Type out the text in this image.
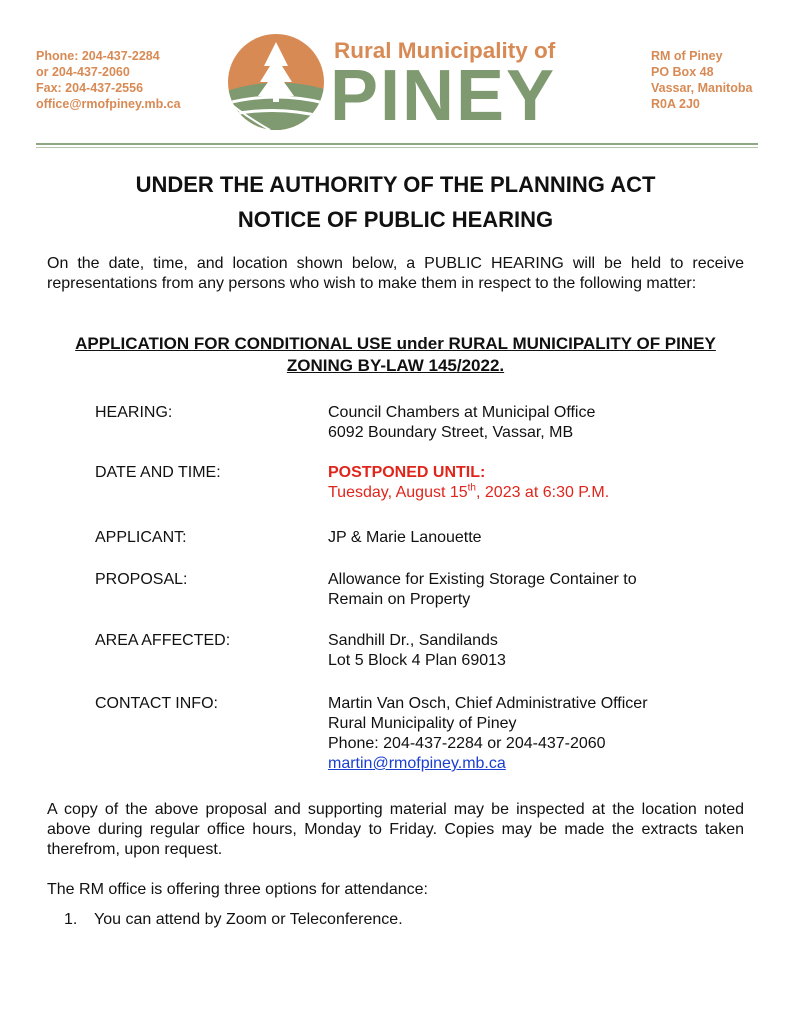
Phone: 204-437-2284
or 204-437-2060
Fax: 204-437-2556
office@rmofpiney.mb.ca
Rural Municipality of
PINEY	RM of Piney
PO Box 48
Vassar, Manitoba
R0A 2J0
UNDER THE AUTHORITY OF THE PLANNING ACT
NOTICE OF PUBLIC HEARING
On the date, time, and location shown below, a PUBLIC HEARING will be held to receive representations from any persons who wish to make them in respect to the following matter:
APPLICATION FOR CONDITIONAL USE under RURAL MUNICIPALITY OF PINEY ZONING BY-LAW 145/2022.
HEARING:	Council Chambers at Municipal Office
6092 Boundary Street, Vassar, MB
DATE AND TIME:	POSTPONED UNTIL:
Tuesday, August 15th, 2023 at 6:30 P.M.
APPLICANT:	JP & Marie Lanouette
PROPOSAL:	Allowance for Existing Storage Container to
Remain on Property
AREA AFFECTED:	Sandhill Dr., Sandilands
Lot 5 Block 4 Plan 69013
CONTACT INFO:	Martin Van Osch, Chief Administrative Officer
Rural Municipality of Piney
Phone: 204-437-2284 or 204-437-2060
martin@rmofpiney.mb.ca
A copy of the above proposal and supporting material may be inspected at the location noted above during regular office hours, Monday to Friday. Copies may be made the extracts taken therefrom, upon request.
The RM office is offering three options for attendance:
1. You can attend by Zoom or Teleconference.
